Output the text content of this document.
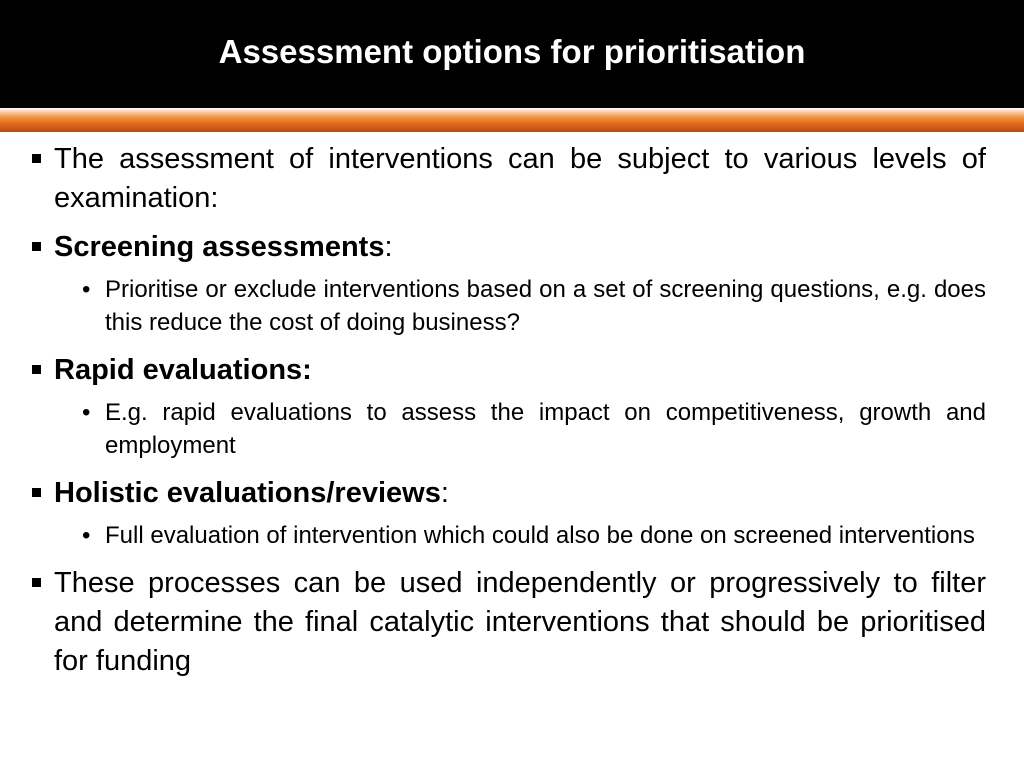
Assessment options for prioritisation
The assessment of interventions can be subject to various levels of examination:
Screening assessments:
• Prioritise or exclude interventions based on a set of screening questions, e.g. does this reduce the cost of doing business?
Rapid evaluations:
• E.g. rapid evaluations to assess the impact on competitiveness, growth and employment
Holistic evaluations/reviews:
• Full evaluation of intervention which could also be done on screened interventions
These processes can be used independently or progressively to filter and determine the final catalytic interventions that should be prioritised for funding
